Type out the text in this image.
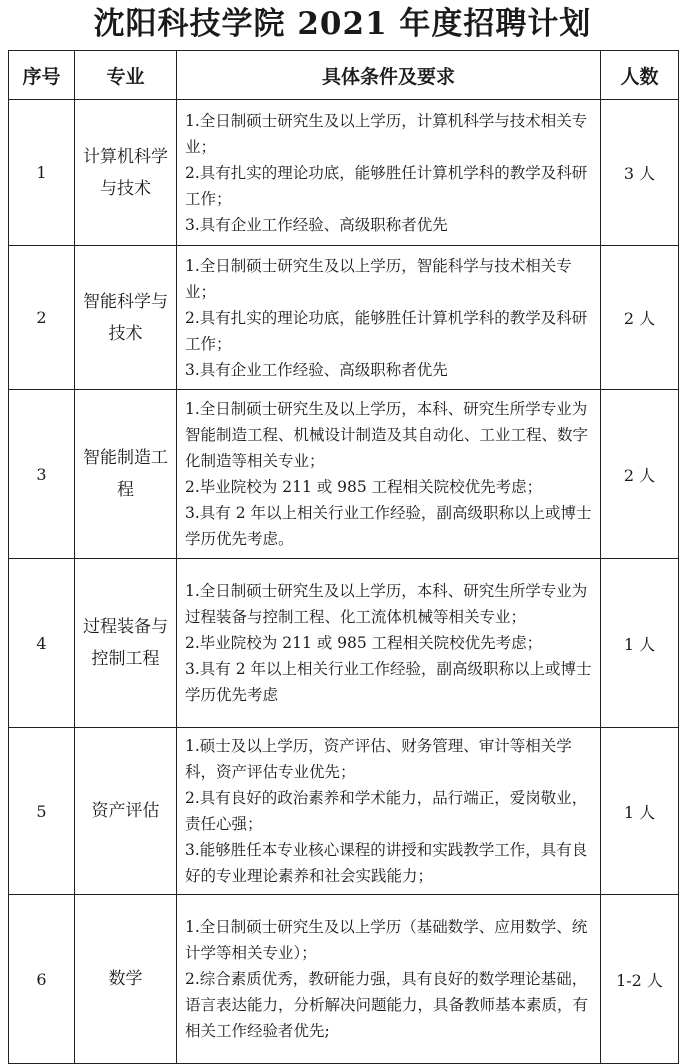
沈阳科技学院 2021 年度招聘计划
序号	专业	具体条件及要求	人数
1	计算机科学与技术	1.全日制硕士研究生及以上学历，计算机科学与技术相关专业；
2.具有扎实的理论功底，能够胜任计算机学科的教学及科研工作；
3.具有企业工作经验、高级职称者优先	3 人
2	智能科学与技术	1.全日制硕士研究生及以上学历，智能科学与技术相关专业；
2.具有扎实的理论功底，能够胜任计算机学科的教学及科研工作；
3.具有企业工作经验、高级职称者优先	2 人
3	智能制造工程	1.全日制硕士研究生及以上学历，本科、研究生所学专业为智能制造工程、机械设计制造及其自动化、工业工程、数字化制造等相关专业；
2.毕业院校为 211 或 985 工程相关院校优先考虑；
3.具有 2 年以上相关行业工作经验，副高级职称以上或博士学历优先考虑。	2 人
4	过程装备与控制工程	1.全日制硕士研究生及以上学历，本科、研究生所学专业为过程装备与控制工程、化工流体机械等相关专业；
2.毕业院校为 211 或 985 工程相关院校优先考虑；
3.具有 2 年以上相关行业工作经验，副高级职称以上或博士学历优先考虑	1 人
5	资产评估	1.硕士及以上学历，资产评估、财务管理、审计等相关学科，资产评估专业优先；
2.具有良好的政治素养和学术能力，品行端正，爱岗敬业，责任心强；
3.能够胜任本专业核心课程的讲授和实践教学工作，具有良好的专业理论素养和社会实践能力；	1 人
6	数学	1.全日制硕士研究生及以上学历（基础数学、应用数学、统计学等相关专业）；
2.综合素质优秀，教研能力强，具有良好的数学理论基础，语言表达能力，分析解决问题能力，具备教师基本素质，有相关工作经验者优先;	1-2 人
